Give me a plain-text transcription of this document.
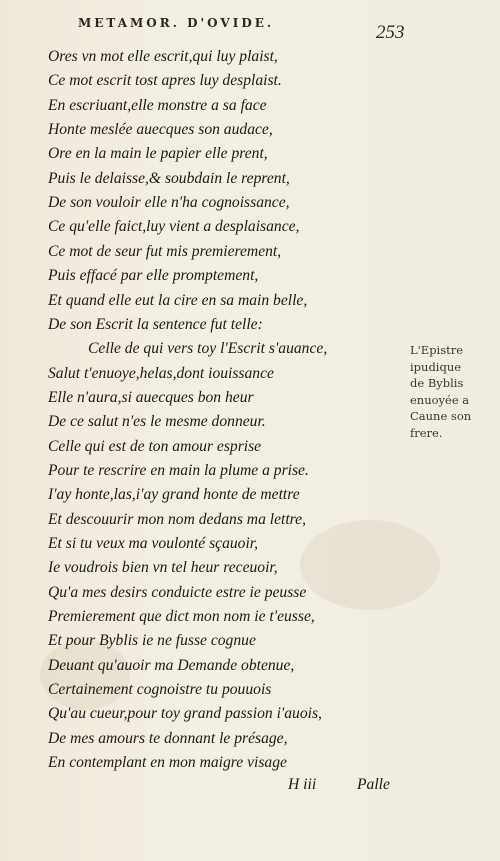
METAMOR. D'OVIDE.	253
Ores vn mot elle escrit,qui luy plaist,
Ce mot escrit tost apres luy desplaist.
En escriuant,elle monstre a sa face
Honte meslée auecques son audace,
Ore en la main le papier elle prent,
Puis le delaisse,& soubdain le reprent,
De son vouloir elle n'ha cognoissance,
Ce qu'elle faict,luy vient a desplaisance,
Ce mot de seur fut mis premierement,
Puis effacé par elle promptement,
Et quand elle eut la cire en sa main belle,
De son Escrit la sentence fut telle:
Celle de qui vers toy l'Escrit s'auance,
Salut t'enuoye,helas,dont iouissance
Elle n'aura,si auecques bon heur
De ce salut n'es le mesme donneur.
Celle qui est de ton amour esprise
Pour te rescrire en main la plume a prise.
I'ay honte,las,i'ay grand honte de mettre
Et descouurir mon nom dedans ma lettre,
Et si tu veux ma voulonté sçauoir,
Ie voudrois bien vn tel heur receuoir,
Qu'a mes desirs conduicte estre ie peusse
Premierement que dict mon nom ie t'eusse,
Et pour Byblis ie ne fusse cognue
Deuant qu'auoir ma Demande obtenue,
Certainement cognoistre tu pouuois
Qu'au cueur,pour toy grand passion i'auois,
De mes amours te donnant le présage,
En contemplant en mon maigre visage
L'Epistre
ipudique
de Byblis
enuoyée a
Caune son
frere.
H iii	Palle
